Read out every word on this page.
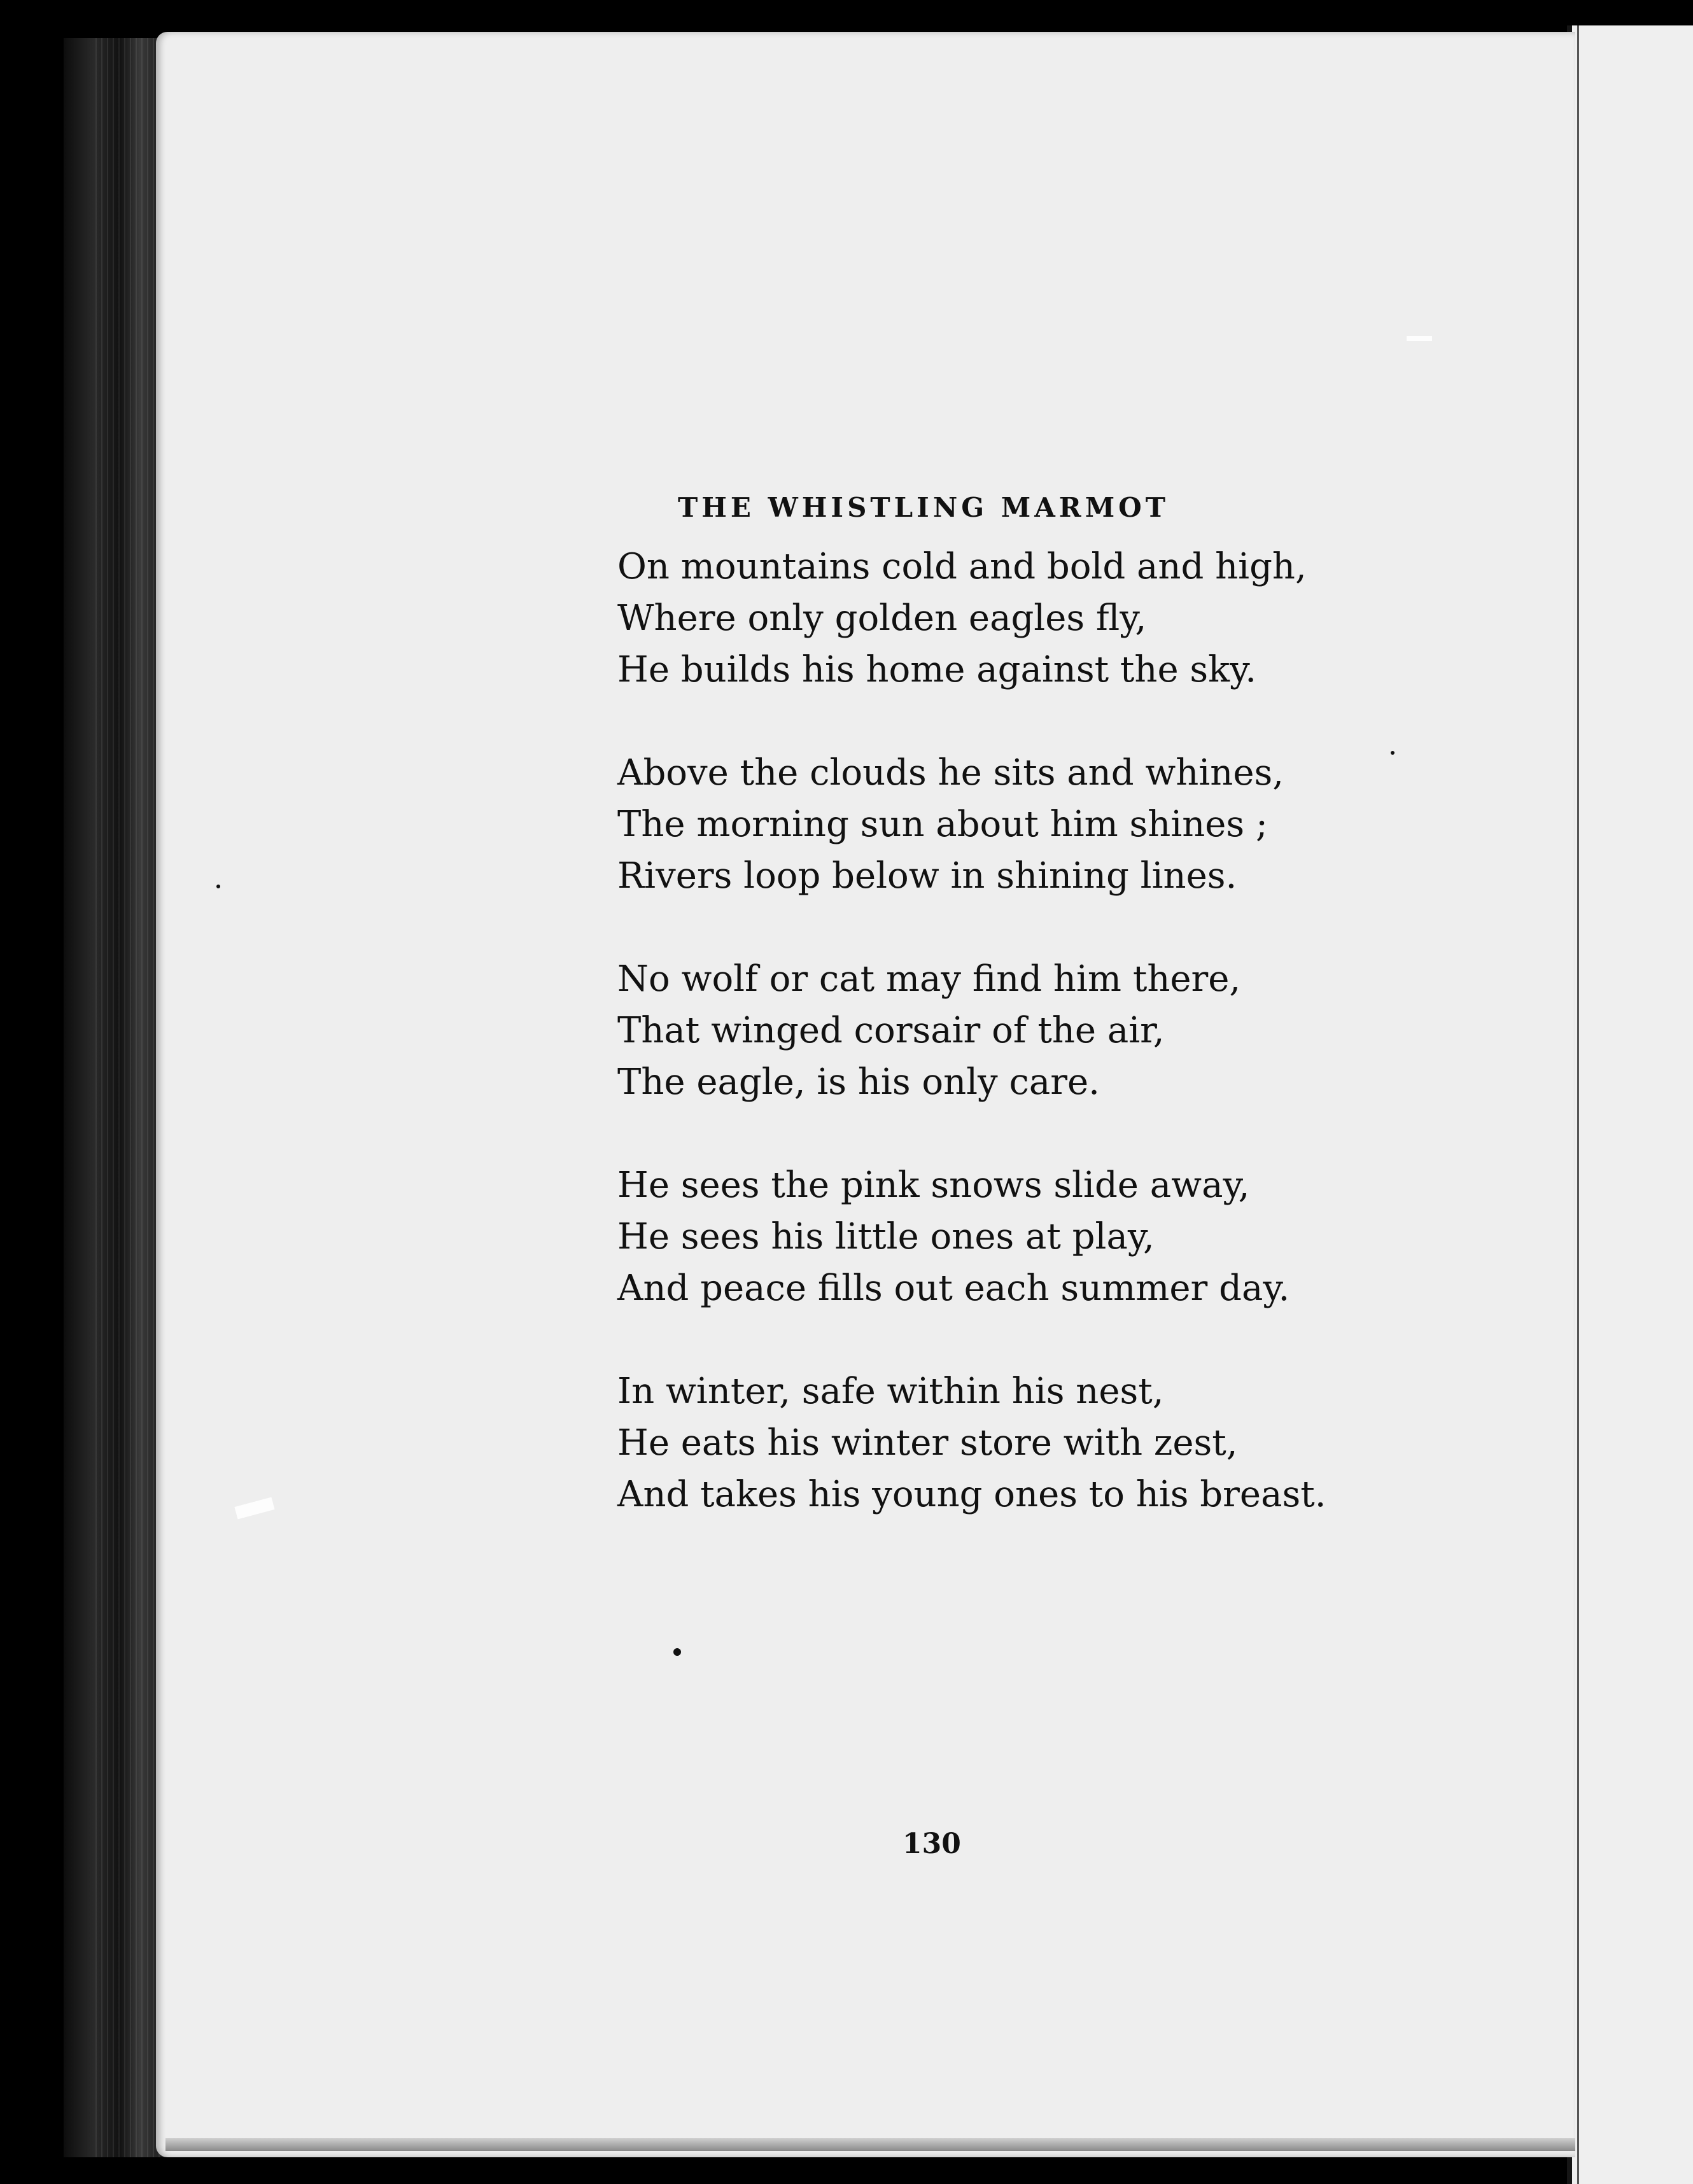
THE WHISTLING MARMOT
On mountains cold and bold and high,
Where only golden eagles fly,
He builds his home against the sky.
Above the clouds he sits and whines,
The morning sun about him shines ;
Rivers loop below in shining lines.
No wolf or cat may find him there,
That winged corsair of the air,
The eagle, is his only care.
He sees the pink snows slide away,
He sees his little ones at play,
And peace fills out each summer day.
In winter, safe within his nest,
He eats his winter store with zest,
And takes his young ones to his breast.
130
